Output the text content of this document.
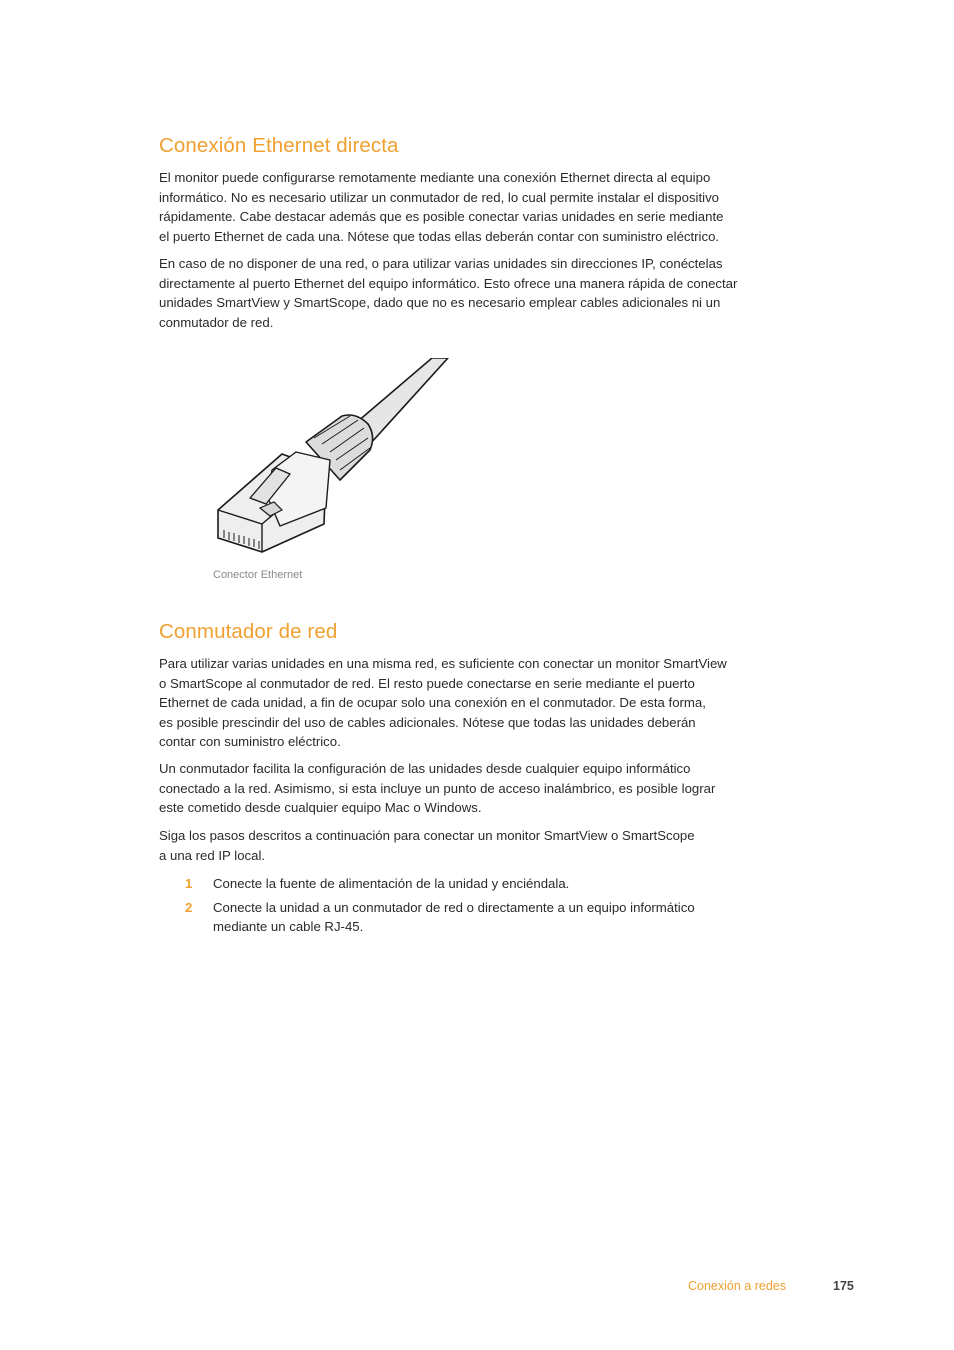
Conexión Ethernet directa

El monitor puede configurarse remotamente mediante una conexión Ethernet directa al equipo
informático. No es necesario utilizar un conmutador de red, lo cual permite instalar el dispositivo
rápidamente. Cabe destacar además que es posible conectar varias unidades en serie mediante
el puerto Ethernet de cada una. Nótese que todas ellas deberán contar con suministro eléctrico.

En caso de no disponer de una red, o para utilizar varias unidades sin direcciones IP, conéctelas
directamente al puerto Ethernet del equipo informático. Esto ofrece una manera rápida de conectar
unidades SmartView y SmartScope, dado que no es necesario emplear cables adicionales ni un
conmutador de red.

Conector Ethernet
Conmutador de red

Para utilizar varias unidades en una misma red, es suficiente con conectar un monitor SmartView
o SmartScope al conmutador de red. El resto puede conectarse en serie mediante el puerto
Ethernet de cada unidad, a fin de ocupar solo una conexión en el conmutador. De esta forma,
es posible prescindir del uso de cables adicionales. Nótese que todas las unidades deberán
contar con suministro eléctrico.

Un conmutador facilita la configuración de las unidades desde cualquier equipo informático
conectado a la red. Asimismo, si esta incluye un punto de acceso inalámbrico, es posible lograr
este cometido desde cualquier equipo Mac o Windows.

Siga los pasos descritos a continuación para conectar un monitor SmartView o SmartScope
a una red IP local.

1	Conecte la fuente de alimentación de la unidad y enciéndala.
2	Conecte la unidad a un conmutador de red o directamente a un equipo informático
mediante un cable RJ-45.
Conexión a redes	175
